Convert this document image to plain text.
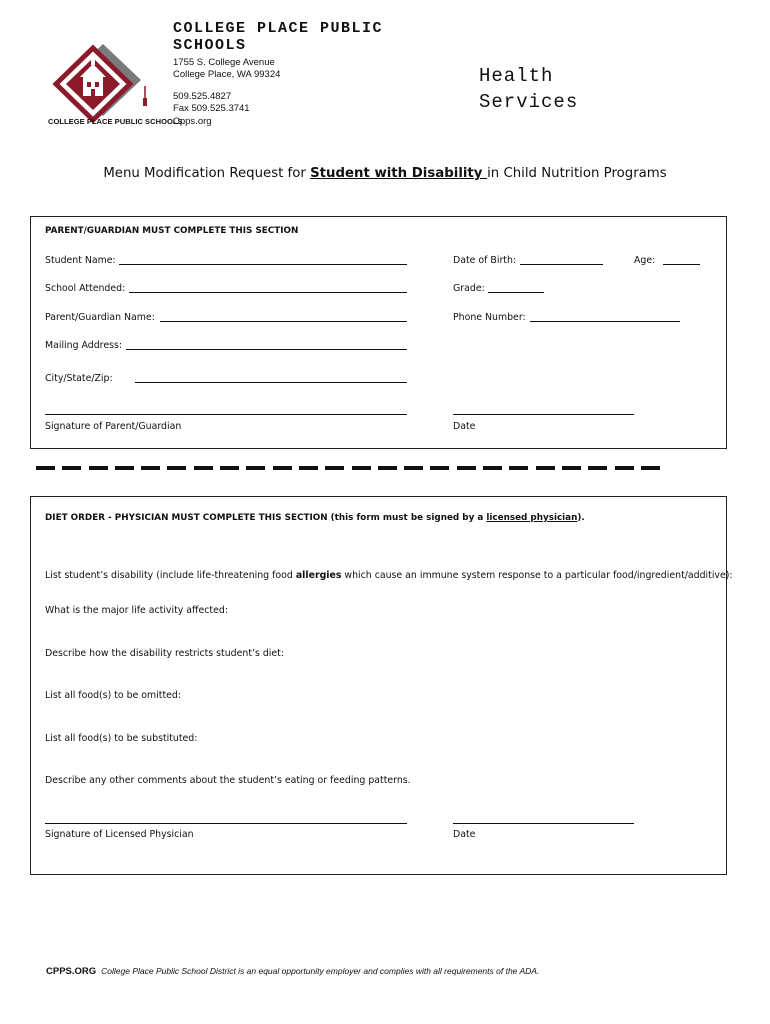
COLLEGE PLACE PUBLIC SCHOOLS
COLLEGE PLACE PUBLIC SCHOOLS
1755 S. College Avenue
College Place, WA 99324
509.525.4827
Fax 509.525.3741
Cpps.org
Health
Services
Menu Modification Request for Student with Disability in Child Nutrition Programs
PARENT/GUARDIAN MUST COMPLETE THIS SECTION
Student Name:	Date of Birth:	Age:
School Attended:	Grade:
Parent/Guardian Name:	Phone Number:
Mailing Address:
City/State/Zip:
Signature of Parent/Guardian	Date
DIET ORDER - PHYSICIAN MUST COMPLETE THIS SECTION (this form must be signed by a licensed physician).
List student’s disability (include life-threatening food allergies which cause an immune system response to a particular food/ingredient/additive):
What is the major life activity affected:
Describe how the disability restricts student’s diet:
List all food(s) to be omitted:
List all food(s) to be substituted:
Describe any other comments about the student’s eating or feeding patterns.
Signature of Licensed Physician	Date
CPPS.ORG College Place Public School District is an equal opportunity employer and complies with all requirements of the ADA.
